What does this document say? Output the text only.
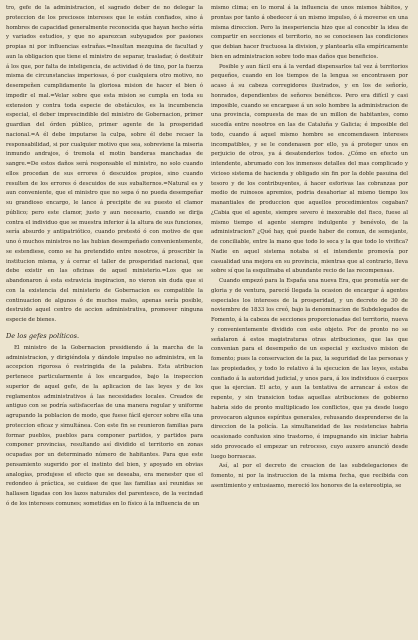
tro, gefe de la administracion, el sagrado deber de no delegar la proteccion de los preciosos intereses que le están confiados, sino á hombres de capacidad generalmente reconocida que hayan hecho séria y variados estudios, y que no aparezcan subyugados por pasiones propias ni por influencias estrañas.=Insultan mezquina de facultad y aun la obligacion que tiene el ministro de separar, trasladar, ó destituir á los que, por falta de inteligencia, de actividad ó de tino, por la fuerza misma de circunstancias imperiosas, ó por cualquiera otro motivo, no desempeñen cumplidamente la gloriosa mision de hacer el bien ó impedir el mal.=Velar sobre que esta mision se cumpla en toda su extension y contra toda especie de obstáculos, es la incumbencia especial, el deber imprescindible del ministro de Gobernacion, primer guardian del órden público, primer agente de la prosperidad nacional.=A él debe imputarse la culpa, sobre él debe recaer la responsabilidad, si por cualquier motivo que sea, sobreviene la miseria inmundo andrajos, ó tremola el motin banderas manchadas de sangre.=De estos daños será responsable el ministro, no solo cuando ellos procedan de sus errores ó descuidos propios, sino cuando resulten de los errores ó descuidos de sus subalternos.=Natural es y aun conveniente, que el ministro que no sepa ó no pueda desempeñar su grandioso encargo, le lance á precipite de su puesto el clamor público; pero este clamor, justo y aun necesario, cuando se dirija contra el individuo que se muestra inferior á la altura de sus funciones, sería absurdo y antipatriótico, cuando pretestó ó con motivo de que uno ó muchos ministros no las hubian desempeñado convenientemente, se estendiese, como se ha pretendido entre nosotros, á proscribir la institucion misma, y á cerrar el taller de prosperidad nacional, que debe existir en las oficinas de aquel ministerio.=Los que se abandonaron á esta estravicia inspiracion, no vieron sin duda que si con la existencia del ministerio de Gobernacion es compatible la continuacion de algunos ó de muchos males, apenas sería posible, destruido aquel centro de accion administrativa, promover ninguna especie de bienes.

De los gefes políticos.

El ministro de la Gobernacion presidiendo á la marcha de la administracion, y dirigiéndola y dándole impulso no administra, en la accepcion rigorosa ó restringida de la palabra. Esta atribucion pertenece particularmente á los encargados, bajo la inspeccion superior de aquel gefe, de la aplicacion de las leyes y de los reglamentos administrativos á las necesidades locales. Creados de antiguo con se podría satisfacerlas de una manera regular y uniforme agrupando la poblacion de modo, que fuese fácil ejercer sobre ella una proteccion eficaz y simultánea. Con este fin se reunieron familias para formar pueblos, pueblos para componer partidos, y partidos para componer provincias, resultando así dividido el territorio en zonas ocupadas por un determinado número de habitantes. Para que este pensamiento sugerido por el instinto del bien, y apoyado en obvias analogías, produjese el efecto que se deseaba, era menester que el redondeo á práctica, se cuidase de que las familias así reunidas se hallasen ligadas con los lazos naturales del parentesco, de la vecindad ó de los intereses comunes; sometidas en lo físico á la influencia de un

mismo clima; en lo moral á la influencia de unos mismos hábitos, y prontas por tanto á obedecer á un mismo impulso, ó á moverse en una misma direccion. Pero la inesperiencia hizo que al concebir la idea de compartir en secciones el territorio, no se conociesen las condiciones que debian hacer fructuosa la division, y plantearla ella empíricamente bien en administracion sobre todo mas daños que beneficios.

Posible y aun fácil era á la verdad dispensarlos tal vez á territorios pequeños, cuando en los tiempos de la lengua se encontrasen por acaso á su cabeza corregidores ilustrados, y en los de señorío, honrados, dependientes de señores benéficos. Pero era difícil y casi imposible, cuando se encargase á un solo hombre la administracion de una provincia, compuesta de mas de un millon de habitantes, como sucedía entre nosotros en las de Cataluña y Galicia; é imposible del todo, cuando á aquel mismo hombre se encomendasen intereses incompatibles, y se le condenasen por ello, ya á proteger unos en perjuicio de otros, ya á desatenderlos todos. ¿Cómo en efecto un intendente, abrumado con los inmensos detalles del mas complicado y vicioso sistema de hacienda y obligado sin fin por la doble pasuina del tesoro y de los contribuyentes, á hacer esforivas las cobranzas por medio de ruinosos apremios, podria desahoriar al mismo tiempo los manantiales de produccion que aquellos procedimientos cegaban? ¿Cabia que el agente, siempre severo é inexorable del fisco, fuese al mismo tiempo el agente siempre indulgente y benévolo, de la administracion? ¿Qué hay, qué puede haber de comun, de semejante, de conciliable, entre la mano que todo lo seca y la que todo lo vivifica? Nadie en aquel sistema notaba si el intendente promovía por casualidad una mejora en su provincia, mientras que al contrario, lleva sobre sí que la esquilmaba el abundante recio de las recompensas.

Cuando empezó para la España una nueva Era, que prometía ser de gloria y de ventura, pareció llegada la ocasion de encargar á agentes especiales los intereses de la prosperidad, y un decreto de 30 de noviembre de 1833 los creó, bajo la denominacion de Subdelegados de Fomento, á la cabeza de secciones proporcionadas del territorio, nueva y convenientemente dividido con este objeto. Por de pronto no se señalaron á estos magistraturas otras atribuciones, que las que convenian para el desempeño de un especial y exclusivo mision de fomento; pues la conservacion de la paz, la seguridad de las personas y las propiedades, y todo lo relativo á la ejecucion de las leyes, estaba confiado á la autoridad judicial, y unos para, á los individuos ó cuerpos que la ejercian. El acto, y aun la tentativa de arrancar á estos de repente, y sin transicion todas aquellas atribuciones de gobierno habria sido de pronto multiplicado los conflictos, que ya desde luego provocaron algunos espíritus generales, rehusando desprenderse de la direccion de la policía. La simultaneidad de las resistencias habria ocasionado confusion sino trastorno, é impugnando sin iniciar habria sido provocado el empezar un retroceso, cuyo auxero anunció desde luego borrascas.

Así, al por el decreto de creacion de las subdelegaciones de fomento, ni por la instruccion de la misma fecha, que recibida con asentimiento y entusiasmo, mereció los honores de la estereotipia, se
